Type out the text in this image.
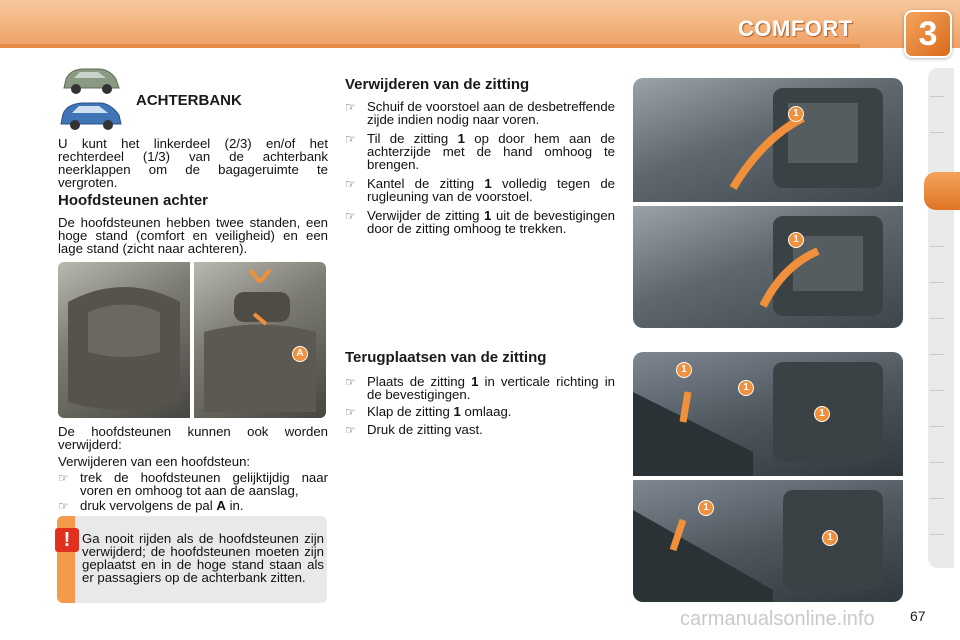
COMFORT	3
ACHTERBANK
U kunt het linkerdeel (2/3) en/of het rechterdeel (1/3) van de achterbank neerklappen om de bagageruimte te vergroten.
Hoofdsteunen achter
De hoofdsteunen hebben twee standen, een hoge stand (comfort en veiligheid) en een lage stand (zicht naar achteren).
A
De hoofdsteunen kunnen ook worden verwijderd:
Verwijderen van een hoofdsteun:
☞ trek de hoofdsteunen gelijktijdig naar voren en omhoog tot aan de aanslag,
☞ druk vervolgens de pal A in.
! Ga nooit rijden als de hoofdsteunen zijn verwijderd; de hoofdsteunen moeten zijn geplaatst en in de hoge stand staan als er passagiers op de achterbank zitten.
Verwijderen van de zitting
☞ Schuif de voorstoel aan de desbetreffende zijde indien nodig naar voren.
☞ Til de zitting 1 op door hem aan de achterzijde met de hand omhoog te brengen.
☞ Kantel de zitting 1 volledig tegen de rugleuning van de voorstoel.
☞ Verwijder de zitting 1 uit de bevestigingen door de zitting omhoog te trekken.
Terugplaatsen van de zitting
☞ Plaats de zitting 1 in verticale richting in de bevestigingen.
☞ Klap de zitting 1 omlaag.
☞ Druk de zitting vast.
1
1
1
1
1
1
1
carmanualsonline.info	67
